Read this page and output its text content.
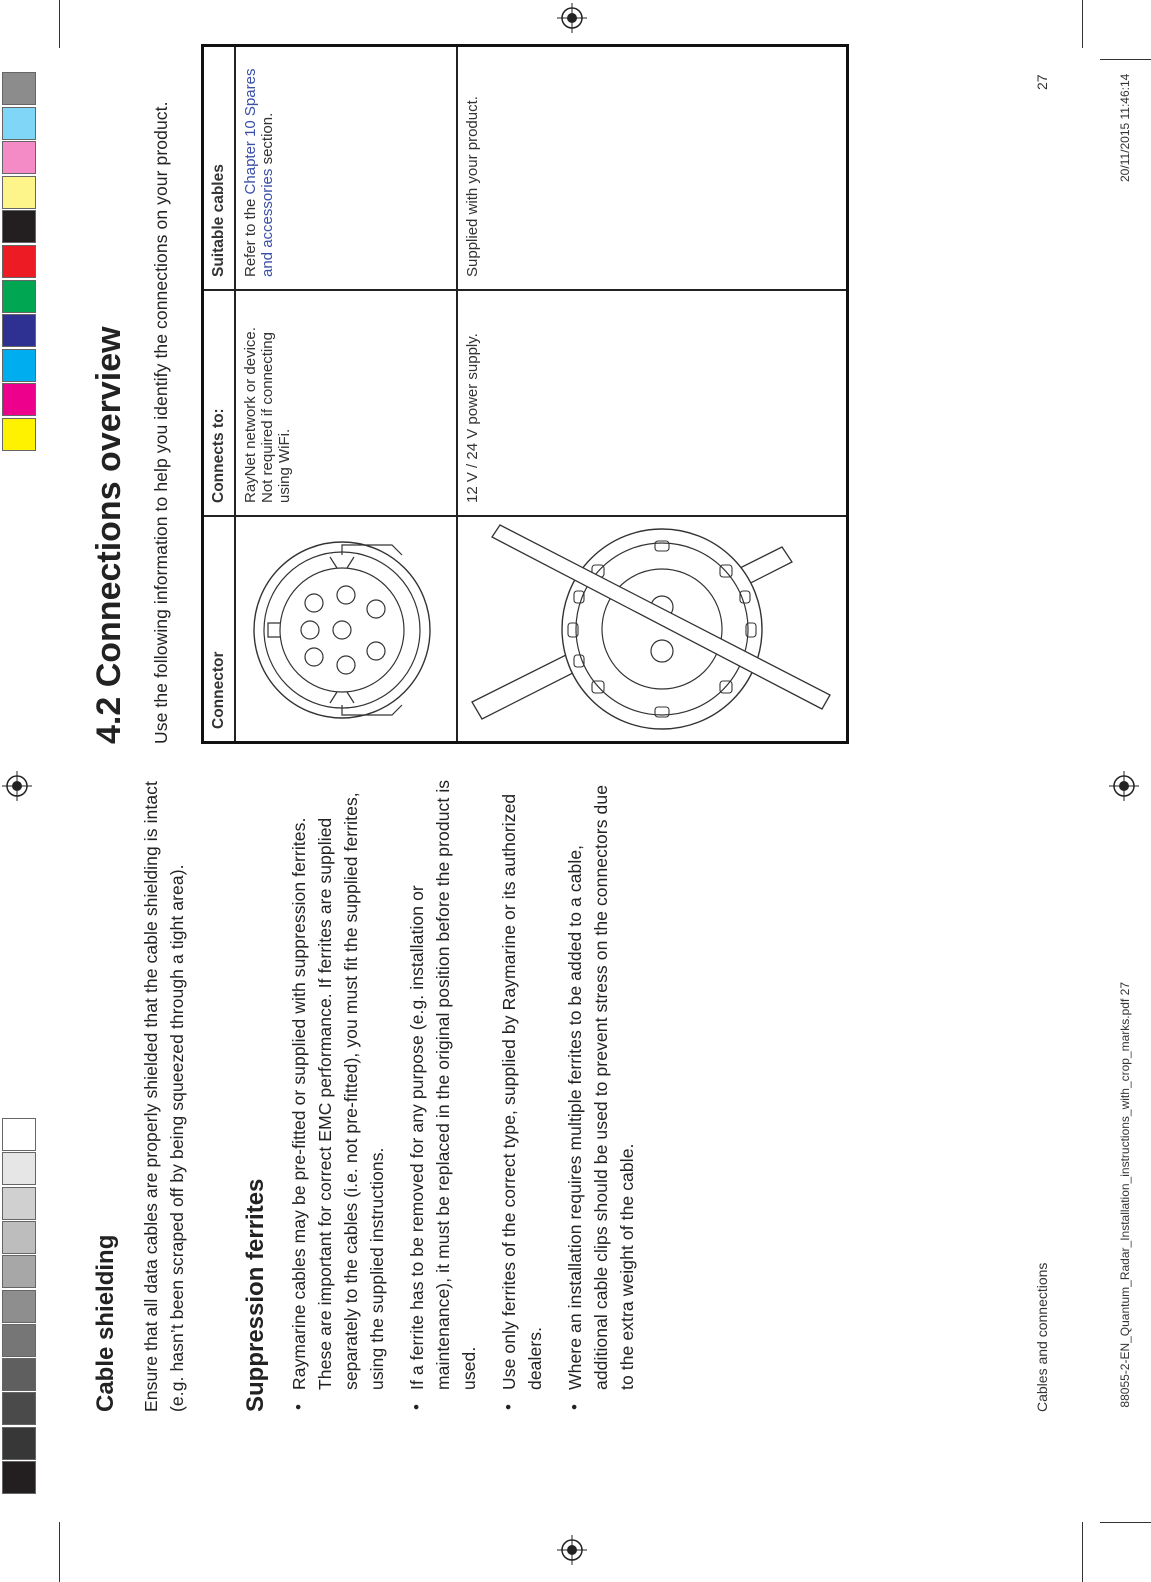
Cable shielding Ensure that all data cables are properly shielded that the cable shielding is intact (e.g. hasn’t been scraped off by being squeezed through a tight area). Suppression ferrites • Raymarine cables may be pre-fitted or supplied with suppression ferrites. These are important for correct EMC performance. If ferrites are supplied separately to the cables (i.e. not pre-fitted), you must fit the supplied ferrites, using the supplied instructions. • If a ferrite has to be removed for any purpose (e.g. installation or maintenance), it must be replaced in the original position before the product is used. • Use only ferrites of the correct type, supplied by Raymarine or its authorized dealers. • Where an installation requires multiple ferrites to be added to a cable, additional cable clips should be used to prevent stress on the connectors due to the extra weight of the cable.
4.2 Connections overview Use the following information to help you identify the connections on your product.	Connector	Connects to:	Suitable cables

	RayNet network or device. Not required if connecting using WiFi.	Refer to the Chapter 10 Spares and accessories section.

	12 V / 24 V power supply.	Supplied with your product.
Cables and connections
27
88055-2-EN_Quantum_Radar_Installation_instructions_with_crop_marks.pdf 27
20/11/2015 11:46:14
